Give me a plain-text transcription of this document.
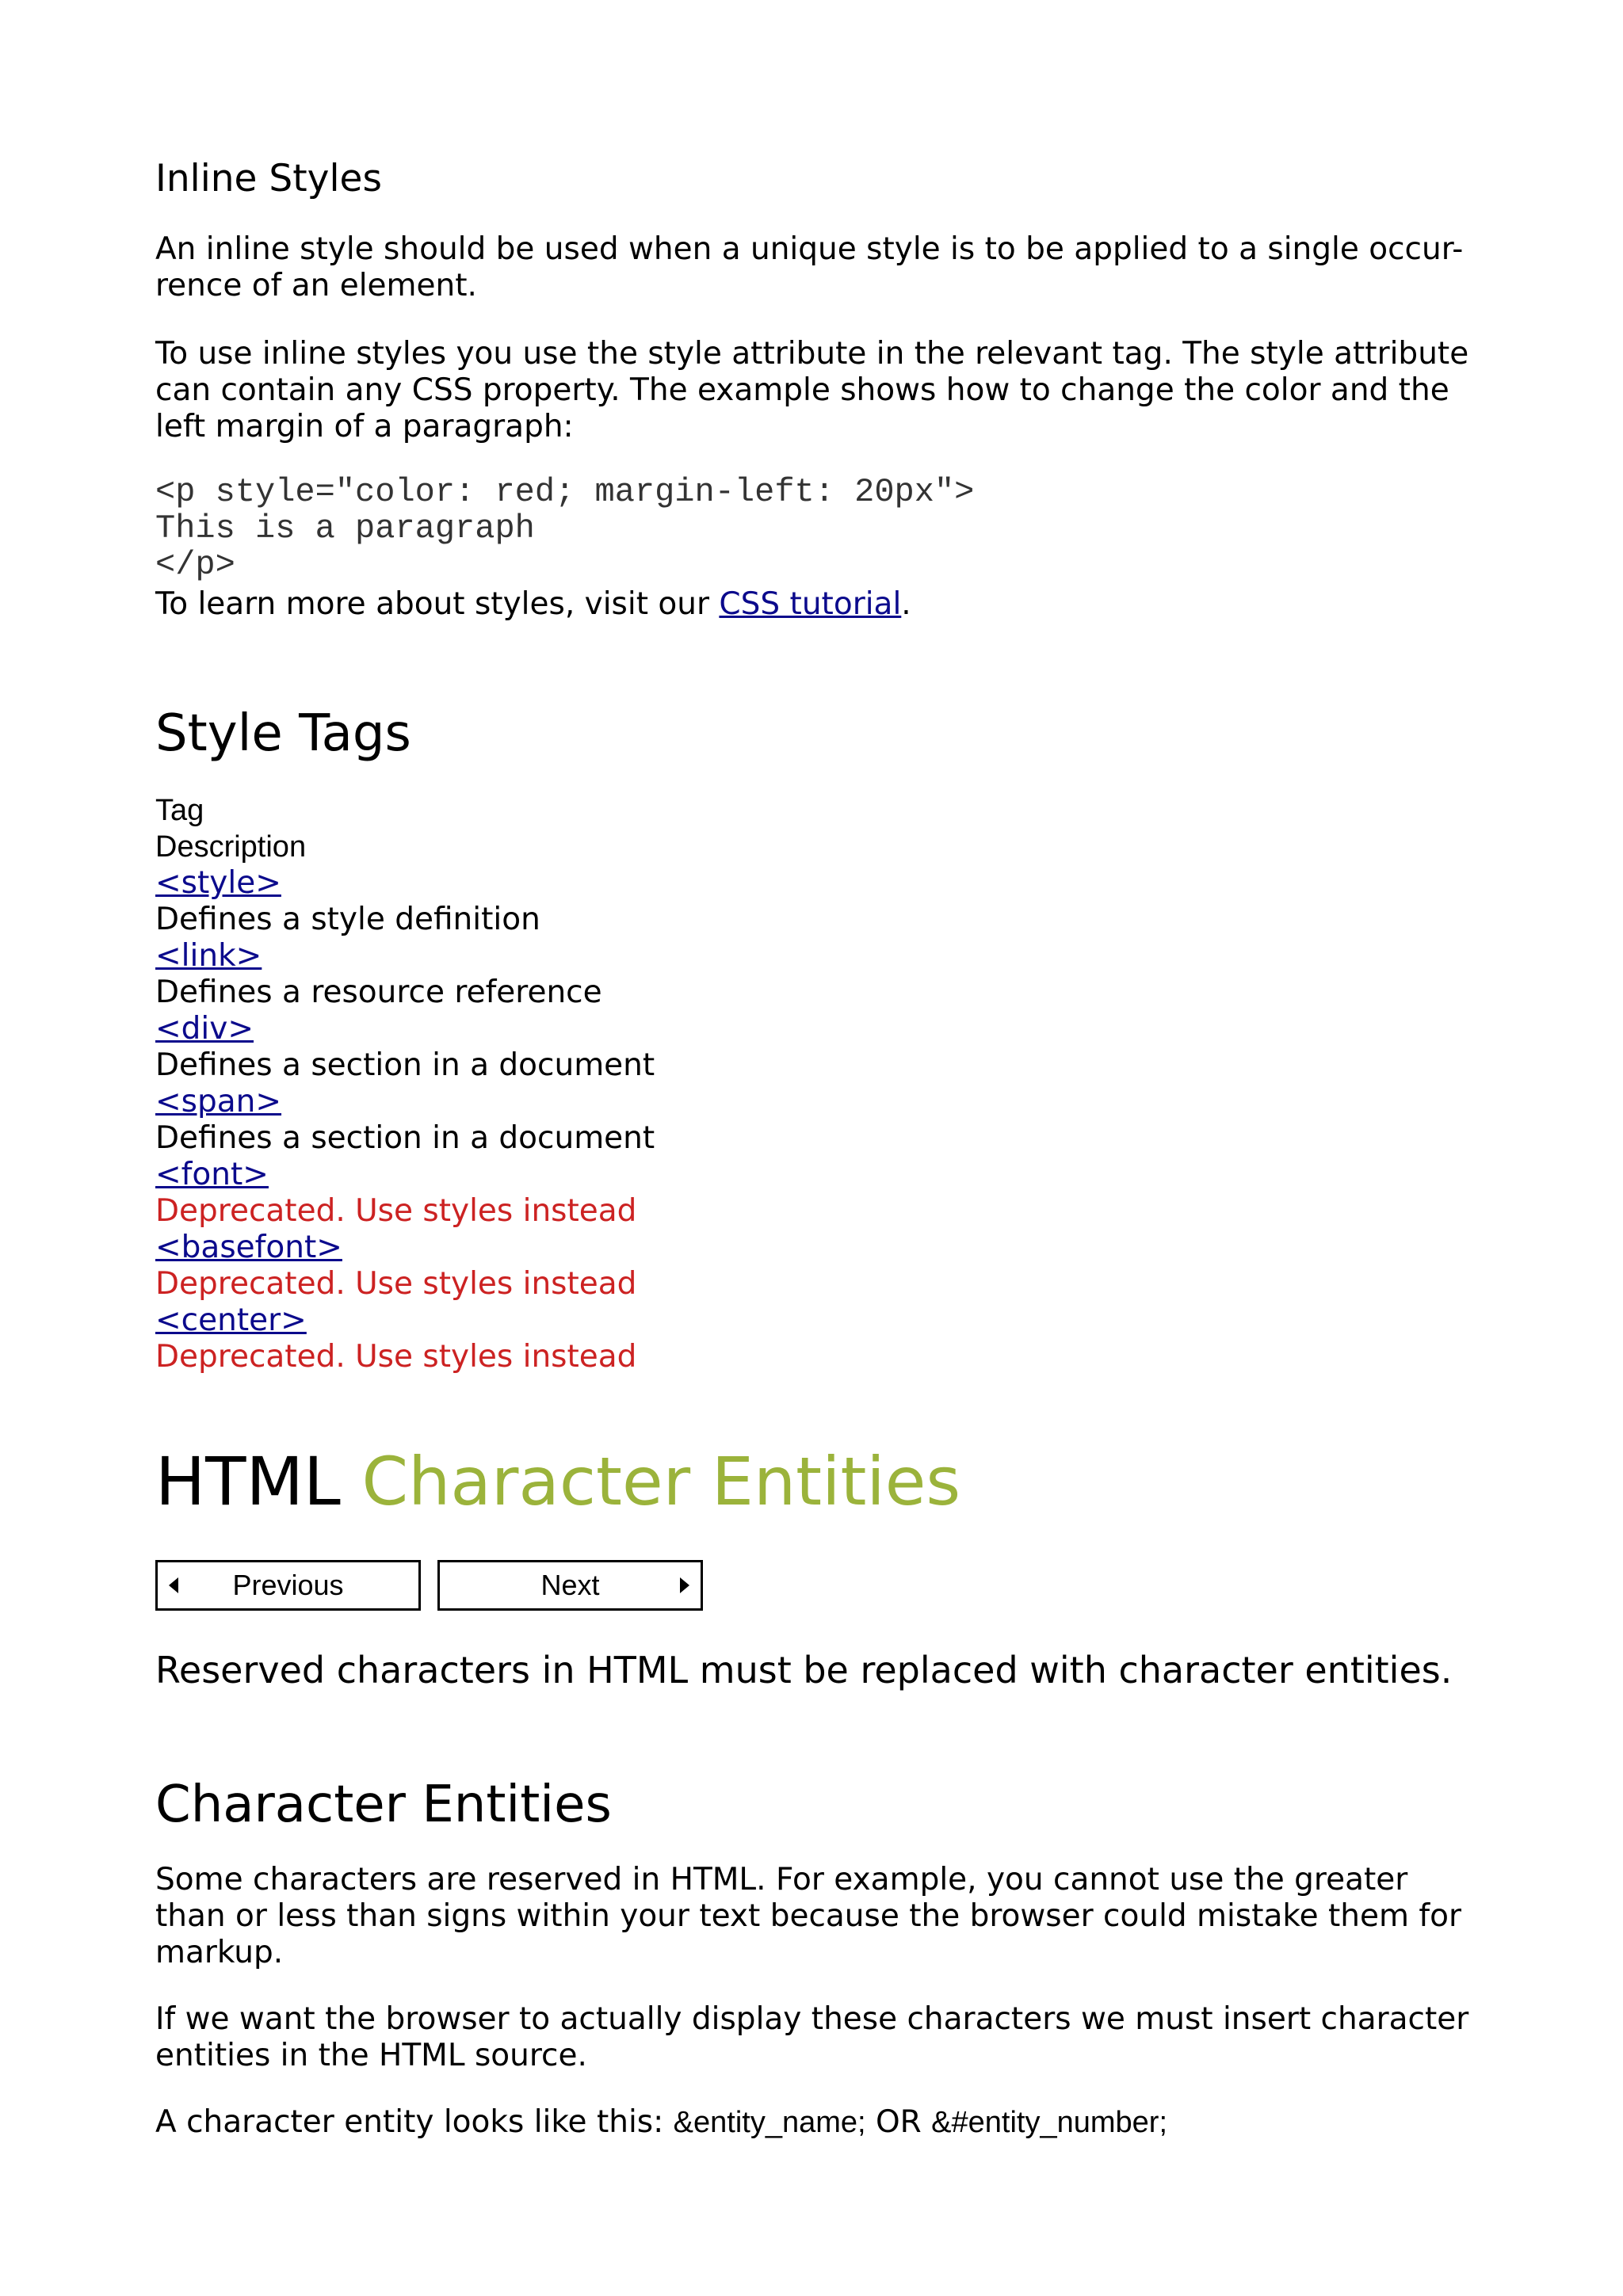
Inline Styles

An inline style should be used when a unique style is to be applied to a single occur-rence of an element.

To use inline styles you use the style attribute in the relevant tag. The style attribute can contain any CSS property. The example shows how to change the color and the left margin of a paragraph:

<p style="color: red; margin-left: 20px">
This is a paragraph
</p>

To learn more about styles, visit our CSS tutorial.

Style Tags
Tag
Description
<style>
Defines a style definition
<link>
Defines a resource reference
<div>
Defines a section in a document
<span>
Defines a section in a document
<font>
Deprecated. Use styles instead
<basefont>
Deprecated. Use styles instead
<center>
Deprecated. Use styles instead
HTML Character Entities
Previous	Next

Reserved characters in HTML must be replaced with character entities.

Character Entities

Some characters are reserved in HTML. For example, you cannot use the greater than or less than signs within your text because the browser could mistake them for markup.

If we want the browser to actually display these characters we must insert character entities in the HTML source.

A character entity looks like this: &entity_name; OR &#entity_number;
